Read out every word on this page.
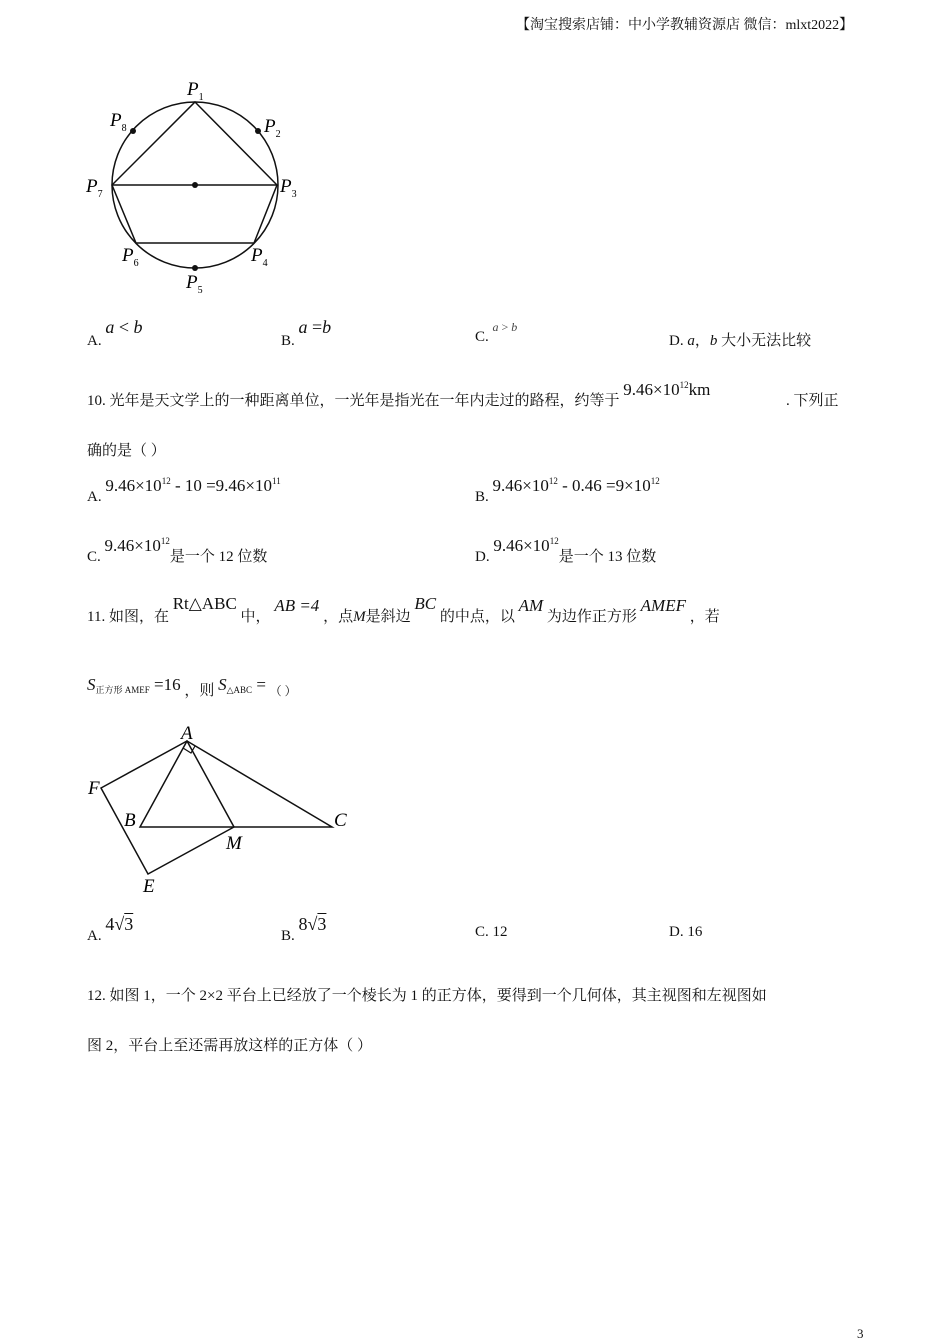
【淘宝搜索店铺：中小学教辅资源店 微信：mlxt2022】
$P_1$
$P_2$
$P_3$
$P_4$
$P_5$
$P_6$
$P_7$
$P_8$
A. a < b
B. a =b	C. $^{a > b}$
D. a，b 大小无法比较
10. 光年是天文学上的一种距离单位，一光年是指光在一年内走过的路程，约等于 $9.46\times 10^{12}km$
. 下列正
确的是（ ）
A. $9.46\times 10^{12} - 10 =9.46\times 10^{11}$
B. $9.46\times 10^{12} - 0.46 =9\times 10^{12}$
C. $9.46\times 10^{12}$是一个 12 位数	D. $9.46\times 10^{12}$是一个 13 位数
11. 如图，在 Rt△ABC 中， AB =4 ，点M是斜边 BC 的中点，以 AM 为边作正方形 AMEF ，若
$S_{正方形 AMEF} =16$ ，则 $S_{\triangle ABC}$ = （ ）
A
B	C
M
E
F
A. 4√3
B. 8√3	C. 12	D. 16
12. 如图 1，一个 2×2 平台上已经放了一个棱长为 1 的正方体，要得到一个几何体，其主视图和左视图如
图 2，平台上至还需再放这样的正方体（ ）
3
